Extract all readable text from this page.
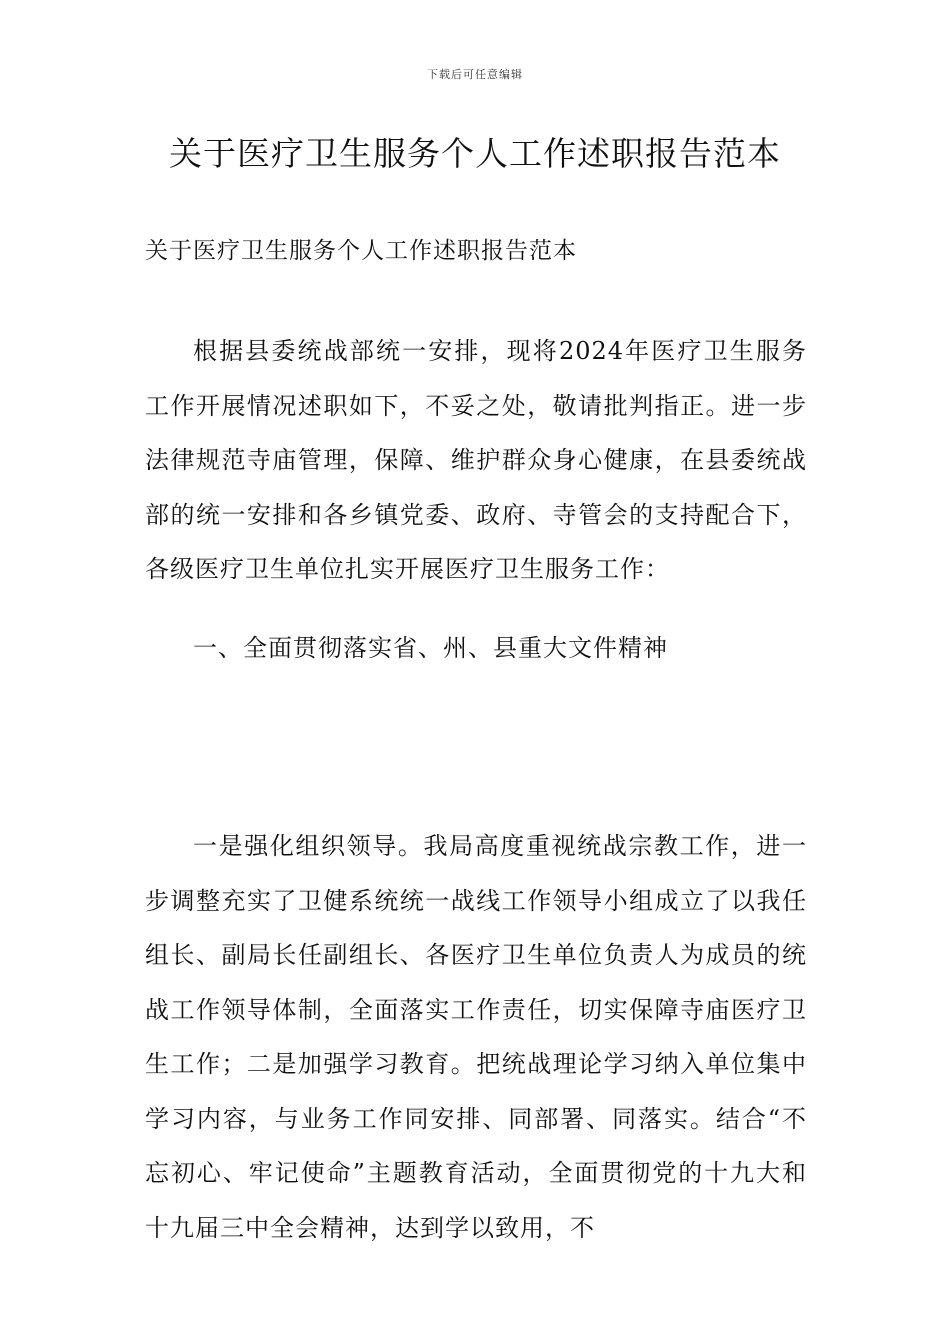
下载后可任意编辑
关于医疗卫生服务个人工作述职报告范本

关于医疗卫生服务个人工作述职报告范本

根据县委统战部统一安排，现将2024年医疗卫生服务工作开展情况述职如下，不妥之处，敬请批判指正。进一步法律规范寺庙管理，保障、维护群众身心健康，在县委统战部的统一安排和各乡镇党委、政府、寺管会的支持配合下，各级医疗卫生单位扎实开展医疗卫生服务工作：

一、全面贯彻落实省、州、县重大文件精神

一是强化组织领导。我局高度重视统战宗教工作，进一步调整充实了卫健系统统一战线工作领导小组成立了以我任组长、副局长任副组长、各医疗卫生单位负责人为成员的统战工作领导体制，全面落实工作责任，切实保障寺庙医疗卫生工作；二是加强学习教育。把统战理论学习纳入单位集中学习内容，与业务工作同安排、同部署、同落实。结合“不忘初心、牢记使命”主题教育活动，全面贯彻党的十九大和十九届三中全会精神，达到学以致用，不
